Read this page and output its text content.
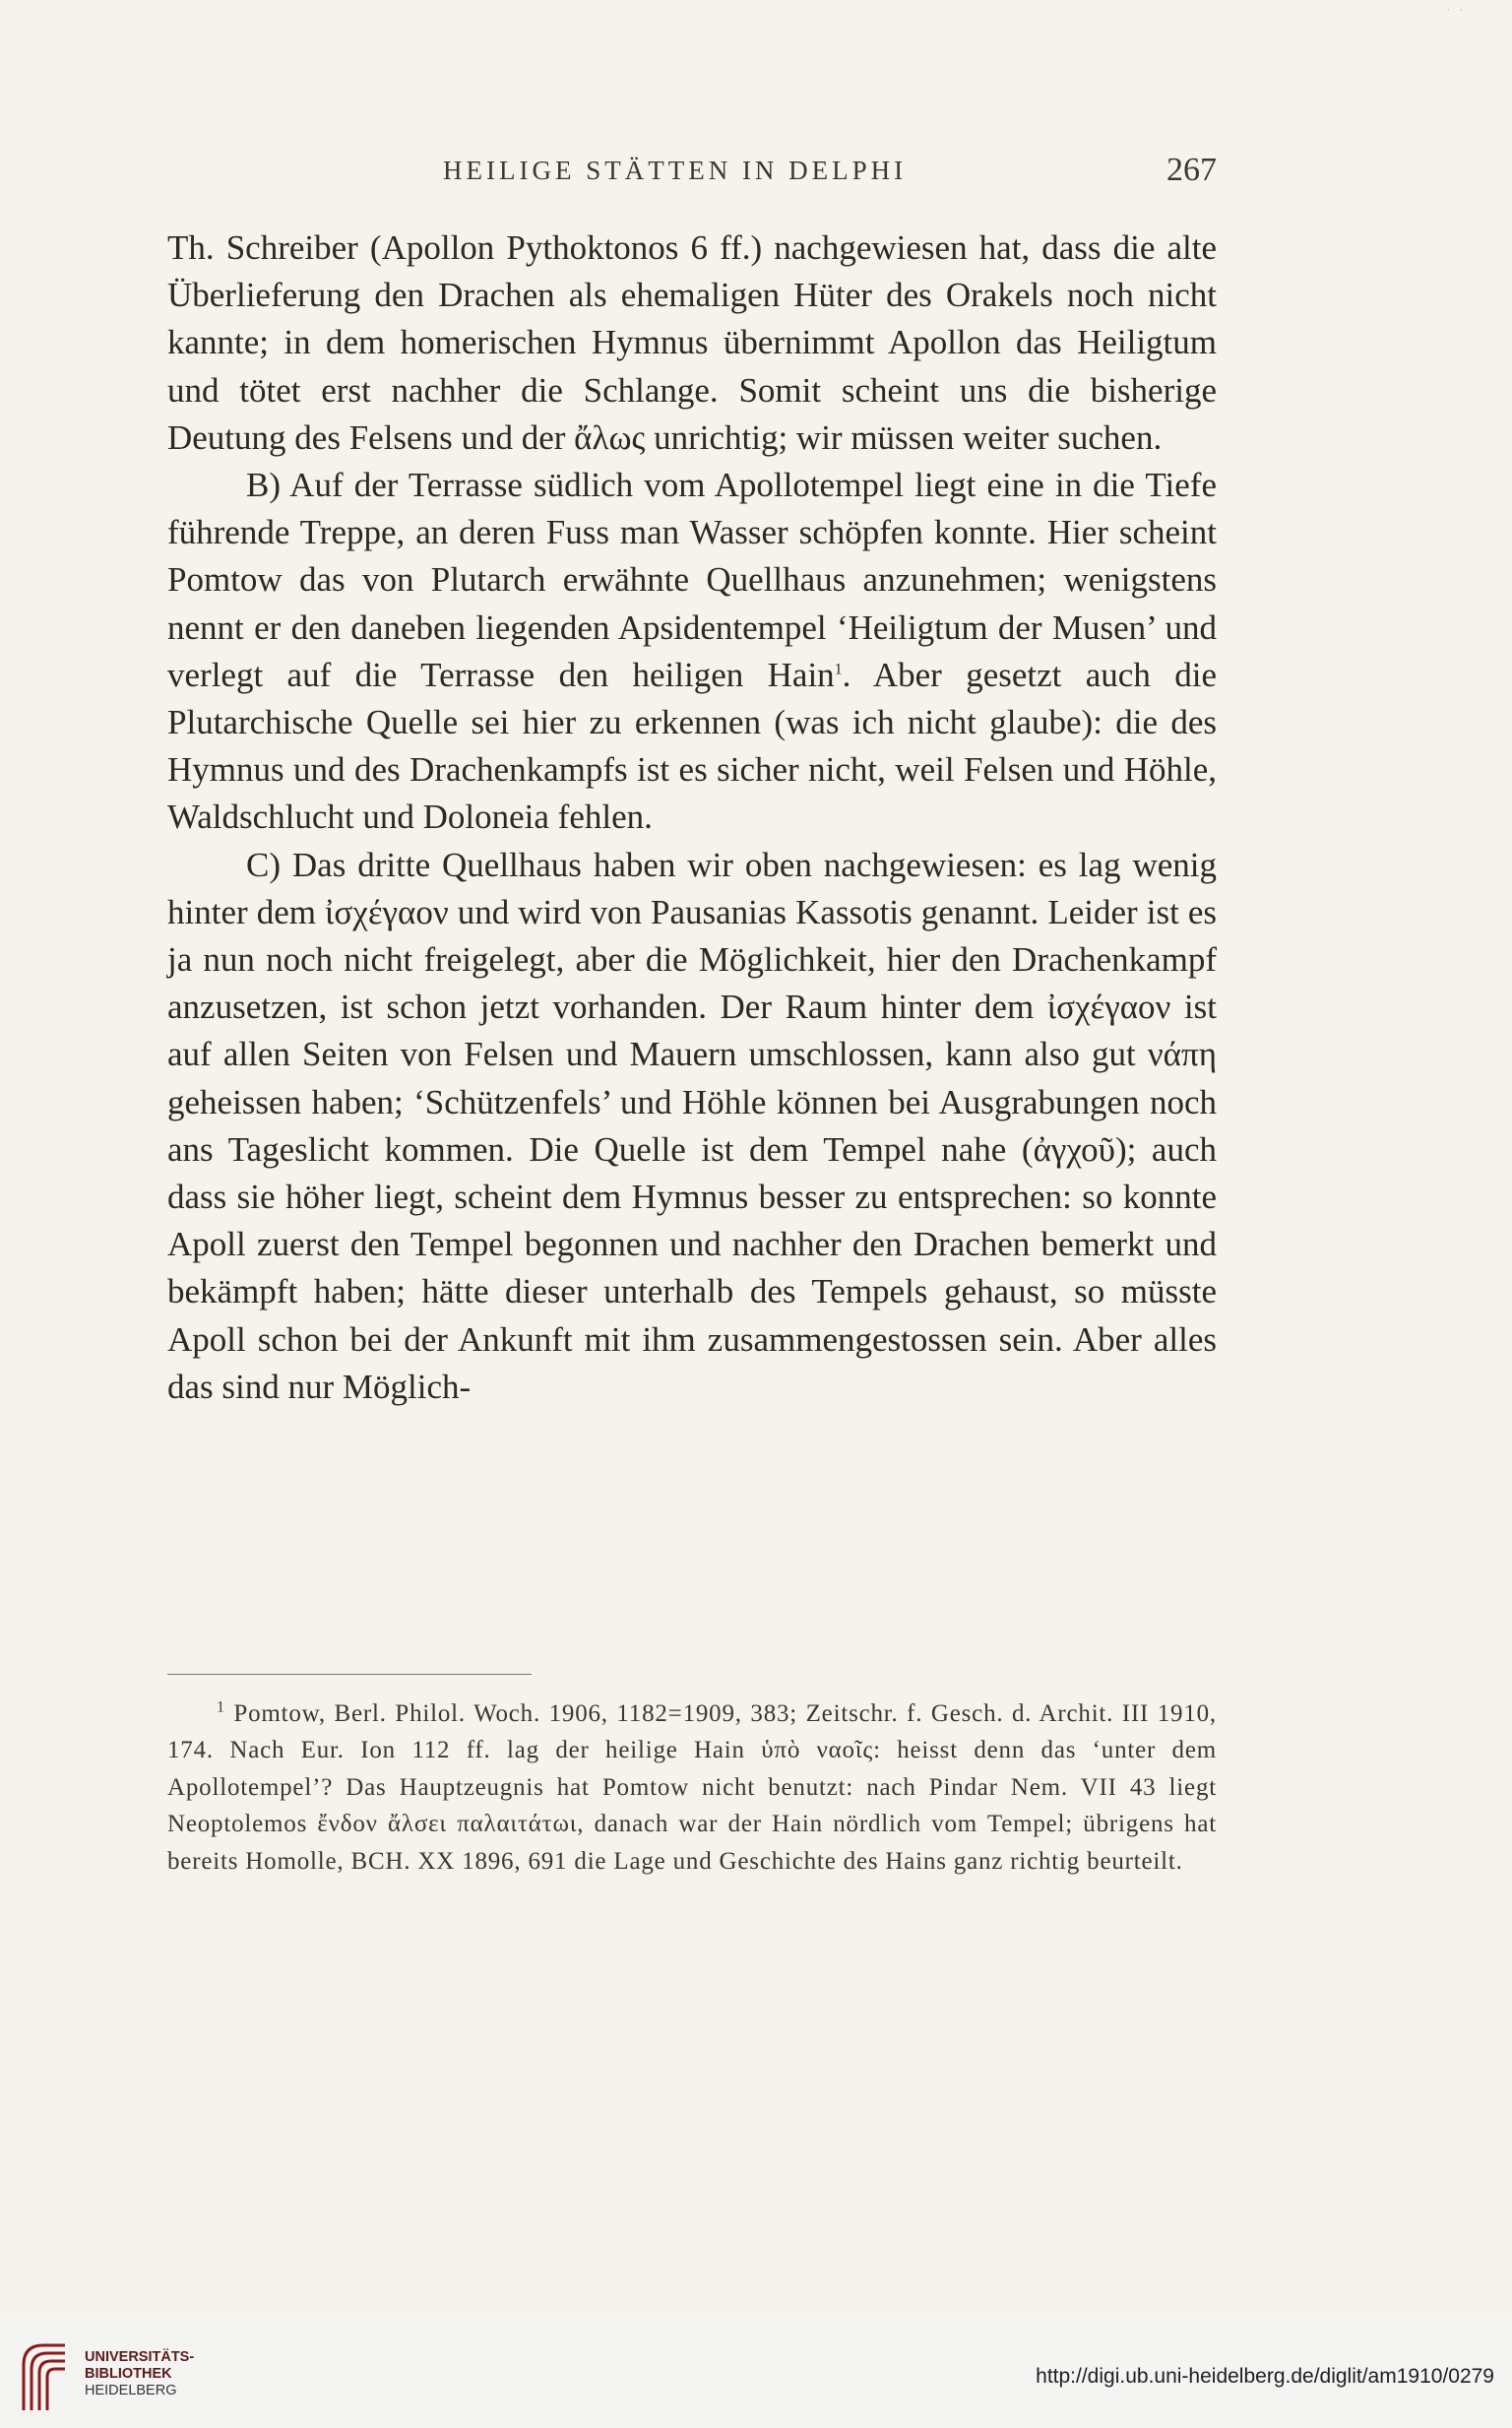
· ·
HEILIGE STÄTTEN IN DELPHI	267

Th. Schreiber (Apollon Pythoktonos 6 ff.) nachgewiesen hat, dass die alte Überlieferung den Drachen als ehemaligen Hüter des Orakels noch nicht kannte; in dem homerischen Hymnus übernimmt Apollon das Heiligtum und tötet erst nachher die Schlange. Somit scheint uns die bisherige Deutung des Felsens und der ἄλως unrichtig; wir müssen weiter suchen.

B) Auf der Terrasse südlich vom Apollotempel liegt eine in die Tiefe führende Treppe, an deren Fuss man Wasser schöpfen konnte. Hier scheint Pomtow das von Plutarch erwähnte Quellhaus anzunehmen; wenigstens nennt er den daneben liegenden Apsidentempel ‘Heiligtum der Musen’ und verlegt auf die Terrasse den heiligen Hain$^1$. Aber gesetzt auch die Plutarchische Quelle sei hier zu erkennen (was ich nicht glaube): die des Hymnus und des Drachenkampfs ist es sicher nicht, weil Felsen und Höhle, Waldschlucht und Doloneia fehlen.

C) Das dritte Quellhaus haben wir oben nachgewiesen: es lag wenig hinter dem ἰσχέγαον und wird von Pausanias Kassotis genannt. Leider ist es ja nun noch nicht freigelegt, aber die Möglichkeit, hier den Drachenkampf anzusetzen, ist schon jetzt vorhanden. Der Raum hinter dem ἰσχέγαον ist auf allen Seiten von Felsen und Mauern umschlossen, kann also gut νάπη geheissen haben; ‘Schützenfels’ und Höhle können bei Ausgrabungen noch ans Tageslicht kommen. Die Quelle ist dem Tempel nahe (ἀγχοῦ); auch dass sie höher liegt, scheint dem Hymnus besser zu entsprechen: so konnte Apoll zuerst den Tempel begonnen und nachher den Drachen bemerkt und bekämpft haben; hätte dieser unterhalb des Tempels gehaust, so müsste Apoll schon bei der Ankunft mit ihm zusammengestossen sein. Aber alles das sind nur Möglich-

$^1$ Pomtow, Berl. Philol. Woch. 1906, 1182=1909, 383; Zeitschr. f. Gesch. d. Archit. III 1910, 174. Nach Eur. Ion 112 ff. lag der heilige Hain ὑπὸ ναοῖς: heisst denn das ‘unter dem Apollotempel’? Das Hauptzeugnis hat Pomtow nicht benutzt: nach Pindar Nem. VII 43 liegt Neoptolemos ἔνδον ἄλσει παλαιτάτωι, danach war der Hain nördlich vom Tempel; übrigens hat bereits Homolle, BCH. XX 1896, 691 die Lage und Geschichte des Hains ganz richtig beurteilt.

UNIVERSITÄTS-
BIBLIOTHEK
HEIDELBERG
http://digi.ub.uni-heidelberg.de/diglit/am1910/0279
